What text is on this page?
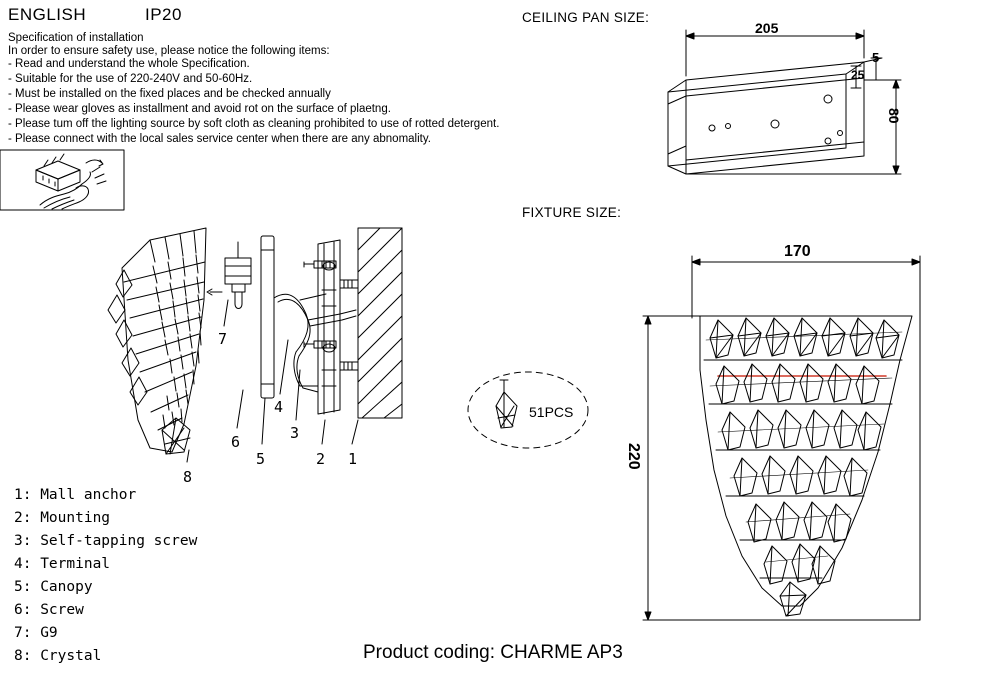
ENGLISH	IP20
Specification of installation
In order to ensure safety use, please notice the following items:
- Read and understand the whole Specification.
- Suitable for the use of 220-240V and 50-60Hz.
- Must be installed on the fixed places and be checked annually
- Please wear gloves as installment and avoid rot on the surface of plaetng.
- Please tum off the lighting source by soft cloth as cleaning prohibited to use of rotted detergent.
- Please connect with the local sales service center when there are any abnomality.
1: Mall anchor
2: Mounting
3: Self-tapping screw
4: Terminal
5: Canopy
6: Screw
7: G9
8: Crystal	Product coding: CHARME AP3
CEILING PAN SIZE:
FIXTURE SIZE:
205
5
25
80
170
220
51PCS
1
2
3
4
5
6
7
8
